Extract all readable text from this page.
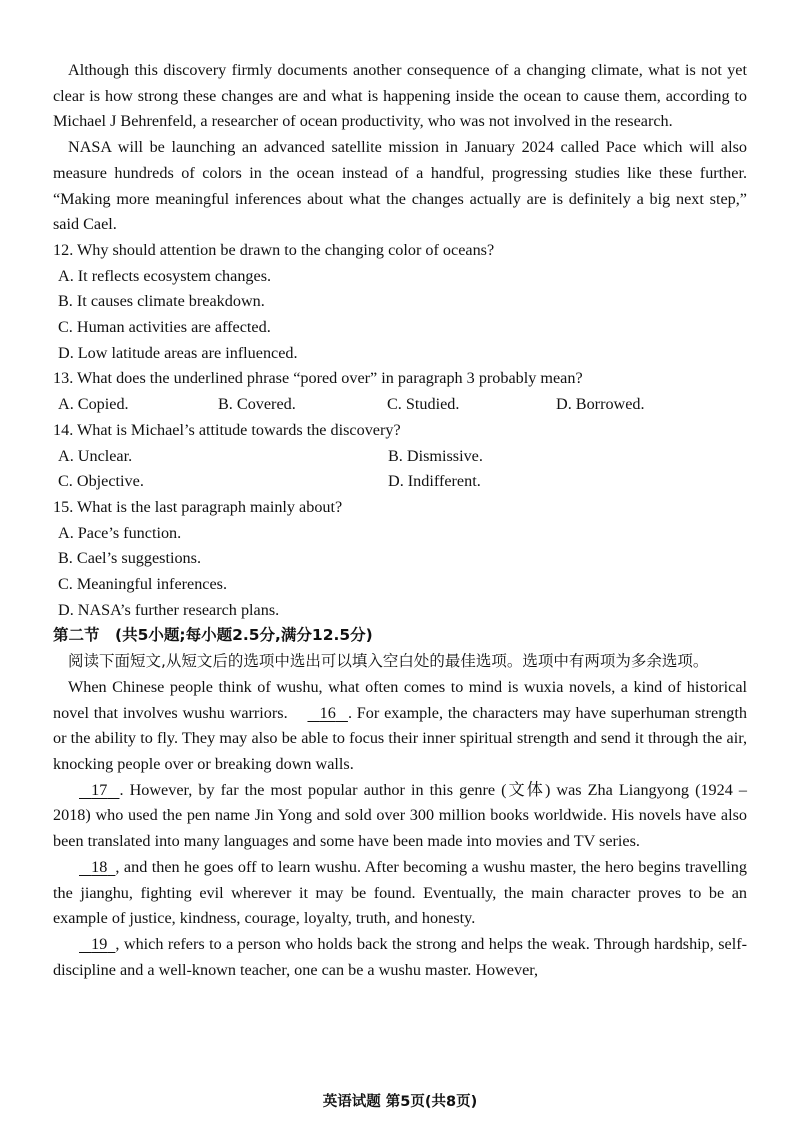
Although this discovery firmly documents another consequence of a changing climate, what is not yet clear is how strong these changes are and what is happening inside the ocean to cause them, according to Michael J Behrenfeld, a researcher of ocean productivity, who was not involved in the research.

NASA will be launching an advanced satellite mission in January 2024 called Pace which will also measure hundreds of colors in the ocean instead of a handful, progressing studies like these further. “Making more meaningful inferences about what the changes actually are is definitely a big next step,” said Cael.

12. Why should attention be drawn to the changing color of oceans?

A. It reflects ecosystem changes.

B. It causes climate breakdown.

C. Human activities are affected.

D. Low latitude areas are influenced.

13. What does the underlined phrase “pored over” in paragraph 3 probably mean?

A. Copied.	B. Covered.	C. Studied.	D. Borrowed.

14. What is Michael’s attitude towards the discovery?

A. Unclear.	B. Dismissive.
C. Objective.	D. Indifferent.

15. What is the last paragraph mainly about?

A. Pace’s function.

B. Cael’s suggestions.

C. Meaningful inferences.

D. NASA’s further research plans.

第二节　(共5小题;每小题2.5分,满分12.5分)

阅读下面短文,从短文后的选项中选出可以填入空白处的最佳选项。选项中有两项为多余选项。

When Chinese people think of wushu, what often comes to mind is wuxia novels, a kind of historical novel that involves wushu warriors.    16 . For example, the characters may have superhuman strength or the ability to fly. They may also be able to focus their inner spiritual strength and send it through the air, knocking people over or breaking down walls.

17 . However, by far the most popular author in this genre (文体) was Zha Liangyong (1924 – 2018) who used the pen name Jin Yong and sold over 300 million books worldwide. His novels have also been translated into many languages and some have been made into movies and TV series.

18 , and then he goes off to learn wushu. After becoming a wushu master, the hero begins travelling the jianghu, fighting evil wherever it may be found. Eventually, the main character proves to be an example of justice, kindness, courage, loyalty, truth, and honesty.

19 , which refers to a person who holds back the strong and helps the weak. Through hardship, self-discipline and a well-known teacher, one can be a wushu master. However,

英语试题 第5页(共8页)
